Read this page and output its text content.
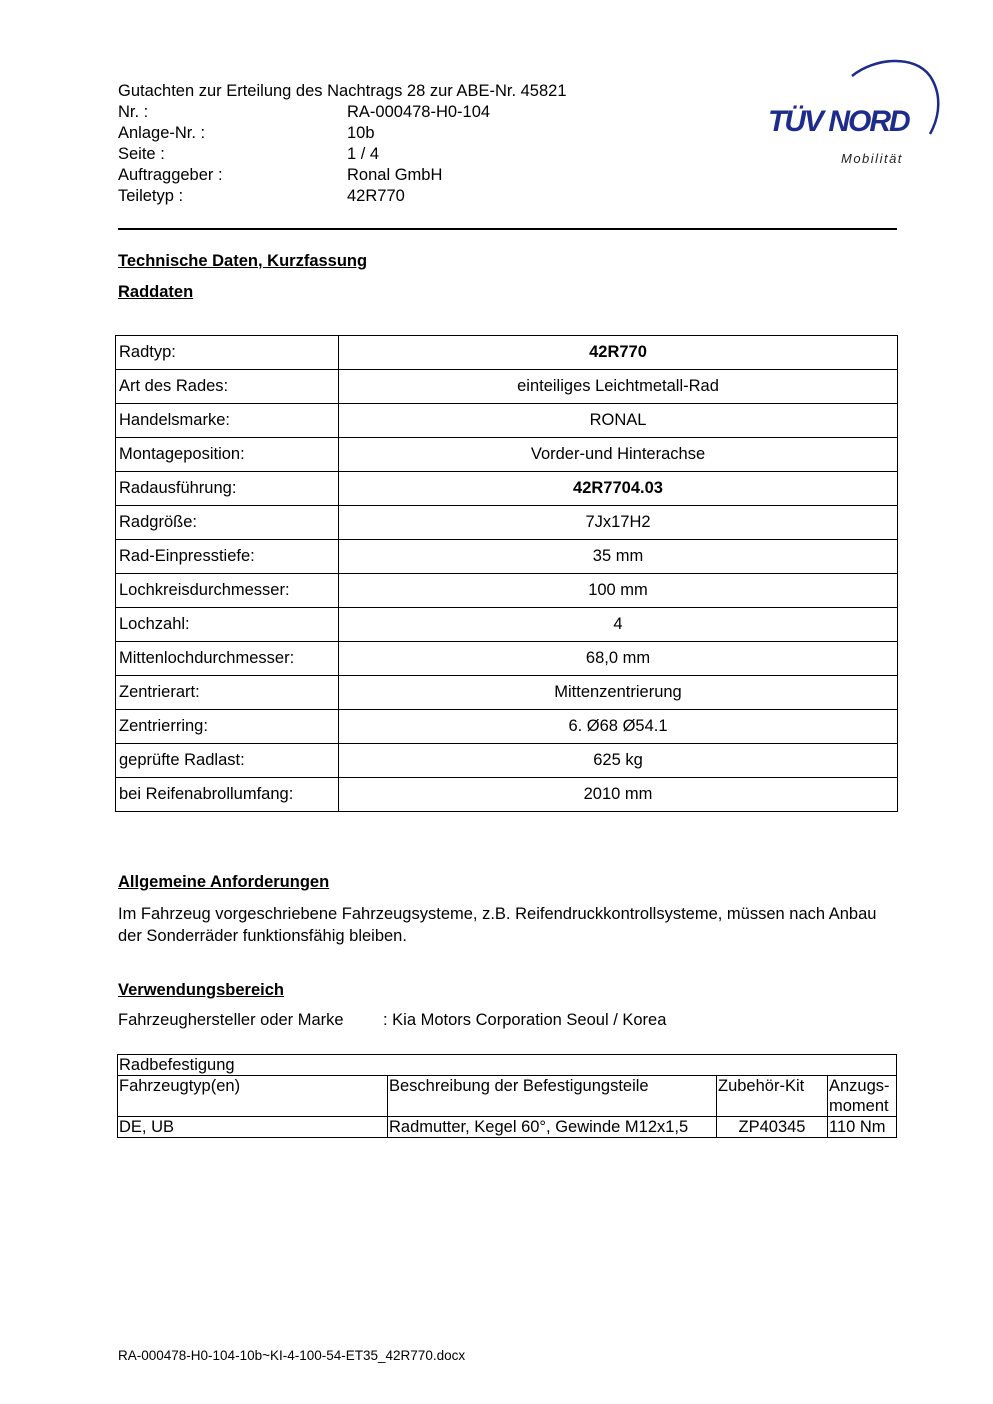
Gutachten zur Erteilung des Nachtrags 28 zur ABE-Nr. 45821
Nr. :	RA-000478-H0-104
Anlage-Nr. :	10b
Seite :	1 / 4
Auftraggeber :	Ronal GmbH
Teiletyp :	42R770
TÜV NORD
Mobilität
Technische Daten, Kurzfassung
Raddaten
Radtyp:	42R770
Art des Rades:	einteiliges Leichtmetall-Rad
Handelsmarke:	RONAL
Montageposition:	Vorder-und Hinterachse
Radausführung:	42R7704.03
Radgröße:	7Jx17H2
Rad-Einpresstiefe:	35 mm
Lochkreisdurchmesser:	100 mm
Lochzahl:	4
Mittenlochdurchmesser:	68,0 mm
Zentrierart:	Mittenzentrierung
Zentrierring:	6. Ø68 Ø54.1
geprüfte Radlast:	625 kg
bei Reifenabrollumfang:	2010 mm
Allgemeine Anforderungen
Im Fahrzeug vorgeschriebene Fahrzeugsysteme, z.B. Reifendruckkontrollsysteme, müssen nach Anbau der Sonderräder funktionsfähig bleiben.
Verwendungsbereich
Fahrzeughersteller oder Marke	: Kia Motors Corporation Seoul / Korea
Radbefestigung			
Fahrzeugtyp(en)	Beschreibung der Befestigungsteile	Zubehör-Kit	Anzugs-moment
DE, UB	Radmutter, Kegel 60°, Gewinde M12x1,5	ZP40345	110 Nm
RA-000478-H0-104-10b~KI-4-100-54-ET35_42R770.docx
